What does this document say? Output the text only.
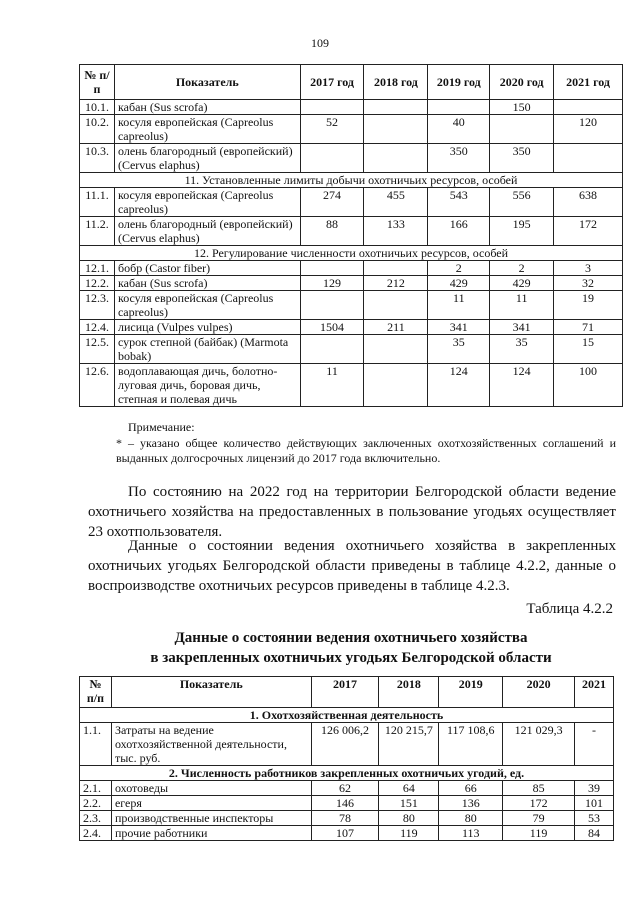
109
№ п/п	Показатель	2017 год	2018 год	2019 год	2020 год	2021 год
10.1.	кабан (Sus scrofa)				150	
10.2.	косуля европейская (Capreolus capreolus)	52		40		120
10.3.	олень благородный (европейский) (Cervus elaphus)			350	350	
11. Установленные лимиты добычи охотничьих ресурсов, особей						
11.1.	косуля европейская (Capreolus capreolus)	274	455	543	556	638
11.2.	олень благородный (европейский) (Cervus elaphus)	88	133	166	195	172
12. Регулирование численности охотничьих ресурсов, особей						
12.1.	бобр (Castor fiber)			2	2	3
12.2.	кабан (Sus scrofa)	129	212	429	429	32
12.3.	косуля европейская (Capreolus capreolus)			11	11	19
12.4.	лисица (Vulpes vulpes)	1504	211	341	341	71
12.5.	сурок степной (байбак) (Marmota bobak)			35	35	15
12.6.	водоплавающая дичь, болотно-луговая дичь, боровая дичь, степная и полевая дичь	11		124	124	100
Примечание:
* – указано общее количество действующих заключенных охотхозяйственных соглашений и выданных долгосрочных лицензий до 2017 года включительно.
По состоянию на 2022 год на территории Белгородской области ведение охотничьего хозяйства на предоставленных в пользование угодьях осуществляет 23 охотпользователя.
Данные о состоянии ведения охотничьего хозяйства в закрепленных охотничьих угодьях Белгородской области приведены в таблице 4.2.2, данные о воспроизводстве охотничьих ресурсов приведены в таблице 4.2.3.
Таблица 4.2.2
Данные о состоянии ведения охотничьего хозяйства
в закрепленных охотничьих угодьях Белгородской области
№ п/п	Показатель	2017	2018	2019	2020	2021
1. Охотхозяйственная деятельность						
1.1.	Затраты на ведение охотхозяйственной деятельности, тыс. руб.	126 006,2	120 215,7	117 108,6	121 029,3	-
2. Численность работников закрепленных охотничьих угодий, ед.						
2.1.	охотоведы	62	64	66	85	39
2.2.	егеря	146	151	136	172	101
2.3.	производственные инспекторы	78	80	80	79	53
2.4.	прочие работники	107	119	113	119	84
